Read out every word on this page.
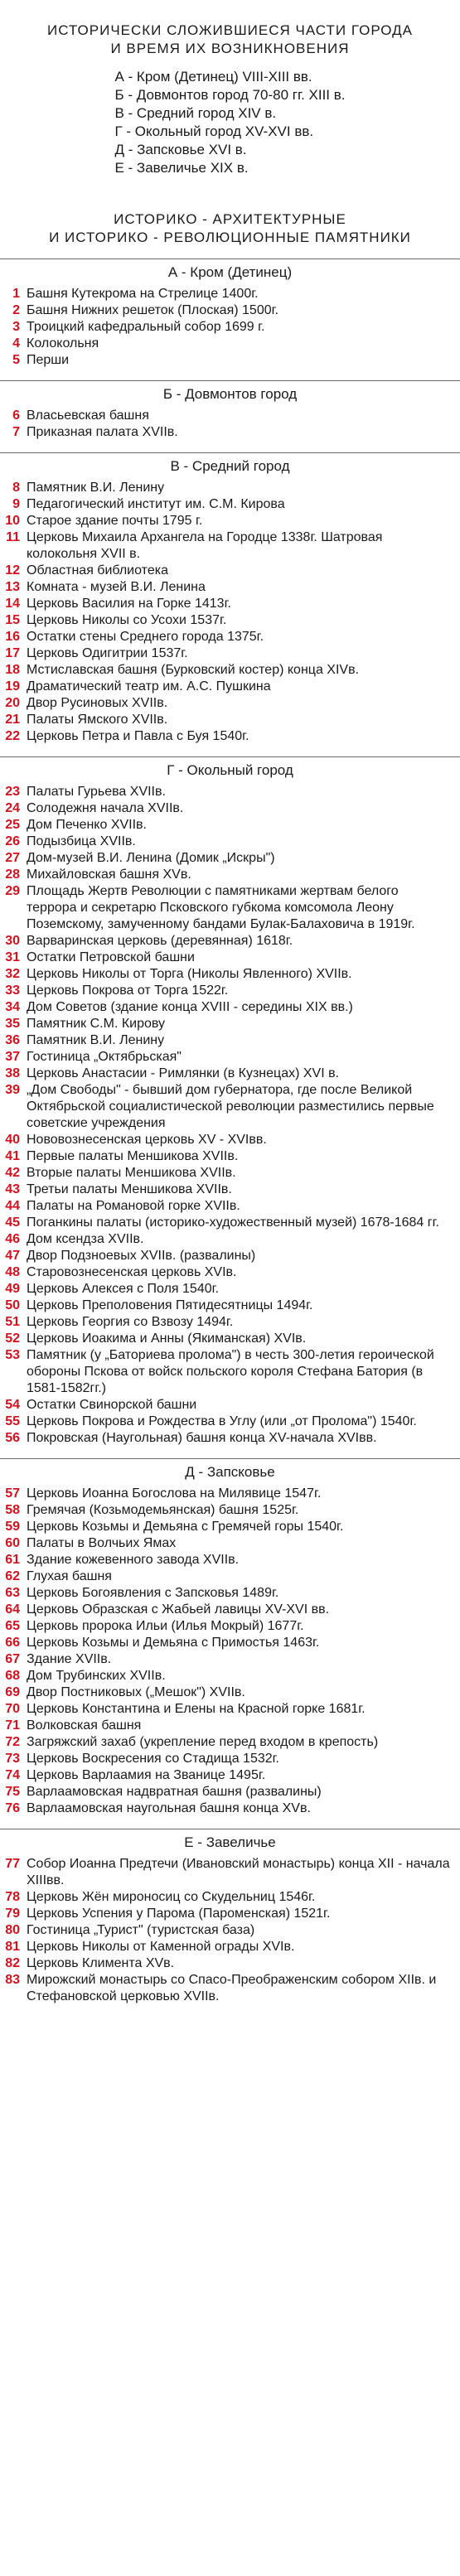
ИСТОРИЧЕСКИ СЛОЖИВШИЕСЯ ЧАСТИ ГОРОДА
И ВРЕМЯ ИХ ВОЗНИКНОВЕНИЯ
А - Кром (Детинец) VIII-XIII вв.
Б - Довмонтов город 70-80 гг. XIII в.
В - Средний город XIV в.
Г - Окольный город XV-XVI вв.
Д - Запсковье XVI в.
Е - Завеличье XIX в.
ИСТОРИКО - АРХИТЕКТУРНЫЕ
И ИСТОРИКО - РЕВОЛЮЦИОННЫЕ ПАМЯТНИКИ
А - Кром (Детинец)
1 Башня Кутекрома на Стрелице 1400г.
2 Башня Нижних решеток (Плоская) 1500г.
3 Троицкий кафедральный собор 1699 г.
4 Колокольня
5 Перши
Б - Довмонтов город
6 Власьевская башня
7 Приказная палата XVIIв.
В - Средний город
8 Памятник В.И. Ленину
9 Педагогический институт им. С.М. Кирова
10 Старое здание почты 1795 г.
11 Церковь Михаила Архангела на Городце 1338г. Шатровая колокольня XVII в.
12 Областная библиотека
13 Комната - музей В.И. Ленина
14 Церковь Василия на Горке 1413г.
15 Церковь Николы со Усохи 1537г.
16 Остатки стены Среднего города 1375г.
17 Церковь Одигитрии 1537г.
18 Мстиславская башня (Бурковский костер) конца XIVв.
19 Драматический театр им. А.С. Пушкина
20 Двор Русиновых XVIIв.
21 Палаты Ямского XVIIв.
22 Церковь Петра и Павла с Буя 1540г.
Г - Окольный город
23 Палаты Гурьева XVIIв.
24 Солодежня начала XVIIв.
25 Дом Печенко XVIIв.
26 Подызбица XVIIв.
27 Дом-музей В.И. Ленина (Домик „Искры")
28 Михайловская башня XVв.
29 Площадь Жертв Революции с памятниками жертвам белого террора и секретарю Псковского губкома комсомола Леону Поземскому, замученному бандами Булак-Балаховича в 1919г.
30 Варваринская церковь (деревянная) 1618г.
31 Остатки Петровской башни
32 Церковь Николы от Торга (Николы Явленного) XVIIв.
33 Церковь Покрова от Торга 1522г.
34 Дом Советов (здание конца XVIII - середины XIX вв.)
35 Памятник С.М. Кирову
36 Памятник В.И. Ленину
37 Гостиница „Октябрьская"
38 Церковь Анастасии - Римлянки (в Кузнецах) XVI в.
39 „Дом Свободы" - бывший дом губернатора, где после Великой Октябрьской социалистической революции разместились первые советские учреждения
40 Нововознесенская церковь XV - XVIвв.
41 Первые палаты Меншикова XVIIв.
42 Вторые палаты Меншикова XVIIв.
43 Третьи палаты Меншикова XVIIв.
44 Палаты на Романовой горке XVIIв.
45 Поганкины палаты (историко-художественный музей) 1678-1684 гг.
46 Дом ксендза XVIIв.
47 Двор Подзноевых XVIIв. (развалины)
48 Старовознесенская церковь XVIв.
49 Церковь Алексея с Поля 1540г.
50 Церковь Преполовения Пятидесятницы 1494г.
51 Церковь Георгия со Взвозу 1494г.
52 Церковь Иоакима и Анны (Якиманская) XVIв.
53 Памятник (у „Баториева пролома") в честь 300-летия героической обороны Пскова от войск польского короля Стефана Батория (в 1581-1582гг.)
54 Остатки Свинорской башни
55 Церковь Покрова и Рождества в Углу (или „от Пролома") 1540г.
56 Покровская (Наугольная) башня конца XV-начала XVIвв.
Д - Запсковье
57 Церковь Иоанна Богослова на Милявице 1547г.
58 Гремячая (Козьмодемьянская) башня 1525г.
59 Церковь Козьмы и Демьяна с Гремячей горы 1540г.
60 Палаты в Волчьих Ямах
61 Здание кожевенного завода XVIIв.
62 Глухая башня
63 Церковь Богоявления с Запсковья 1489г.
64 Церковь Образская с Жабьей лавицы XV-XVI вв.
65 Церковь пророка Ильи (Илья Мокрый) 1677г.
66 Церковь Козьмы и Демьяна с Примостья 1463г.
67 Здание XVIIв.
68 Дом Трубинских XVIIв.
69 Двор Постниковых („Мешок") XVIIв.
70 Церковь Константина и Елены на Красной горке 1681г.
71 Волковская башня
72 Загряжский захаб (укрепление перед входом в крепость)
73 Церковь Воскресения со Стадища 1532г.
74 Церковь Варлаамия на Званице 1495г.
75 Варлаамовская надвратная башня (развалины)
76 Варлаамовская наугольная башня конца XVв.
Е - Завеличье
77 Собор Иоанна Предтечи (Ивановский монастырь) конца XII - начала XIIIвв.
78 Церковь Жён мироносиц со Скудельниц 1546г.
79 Церковь Успения у Парома (Пароменская) 1521г.
80 Гостиница „Турист" (туристская база)
81 Церковь Николы от Каменной ограды XVIв.
82 Церковь Климента XVв.
83 Мирожский монастырь со Спасо-Преображенским собором XIIв. и Стефановской церковью XVIIв.
